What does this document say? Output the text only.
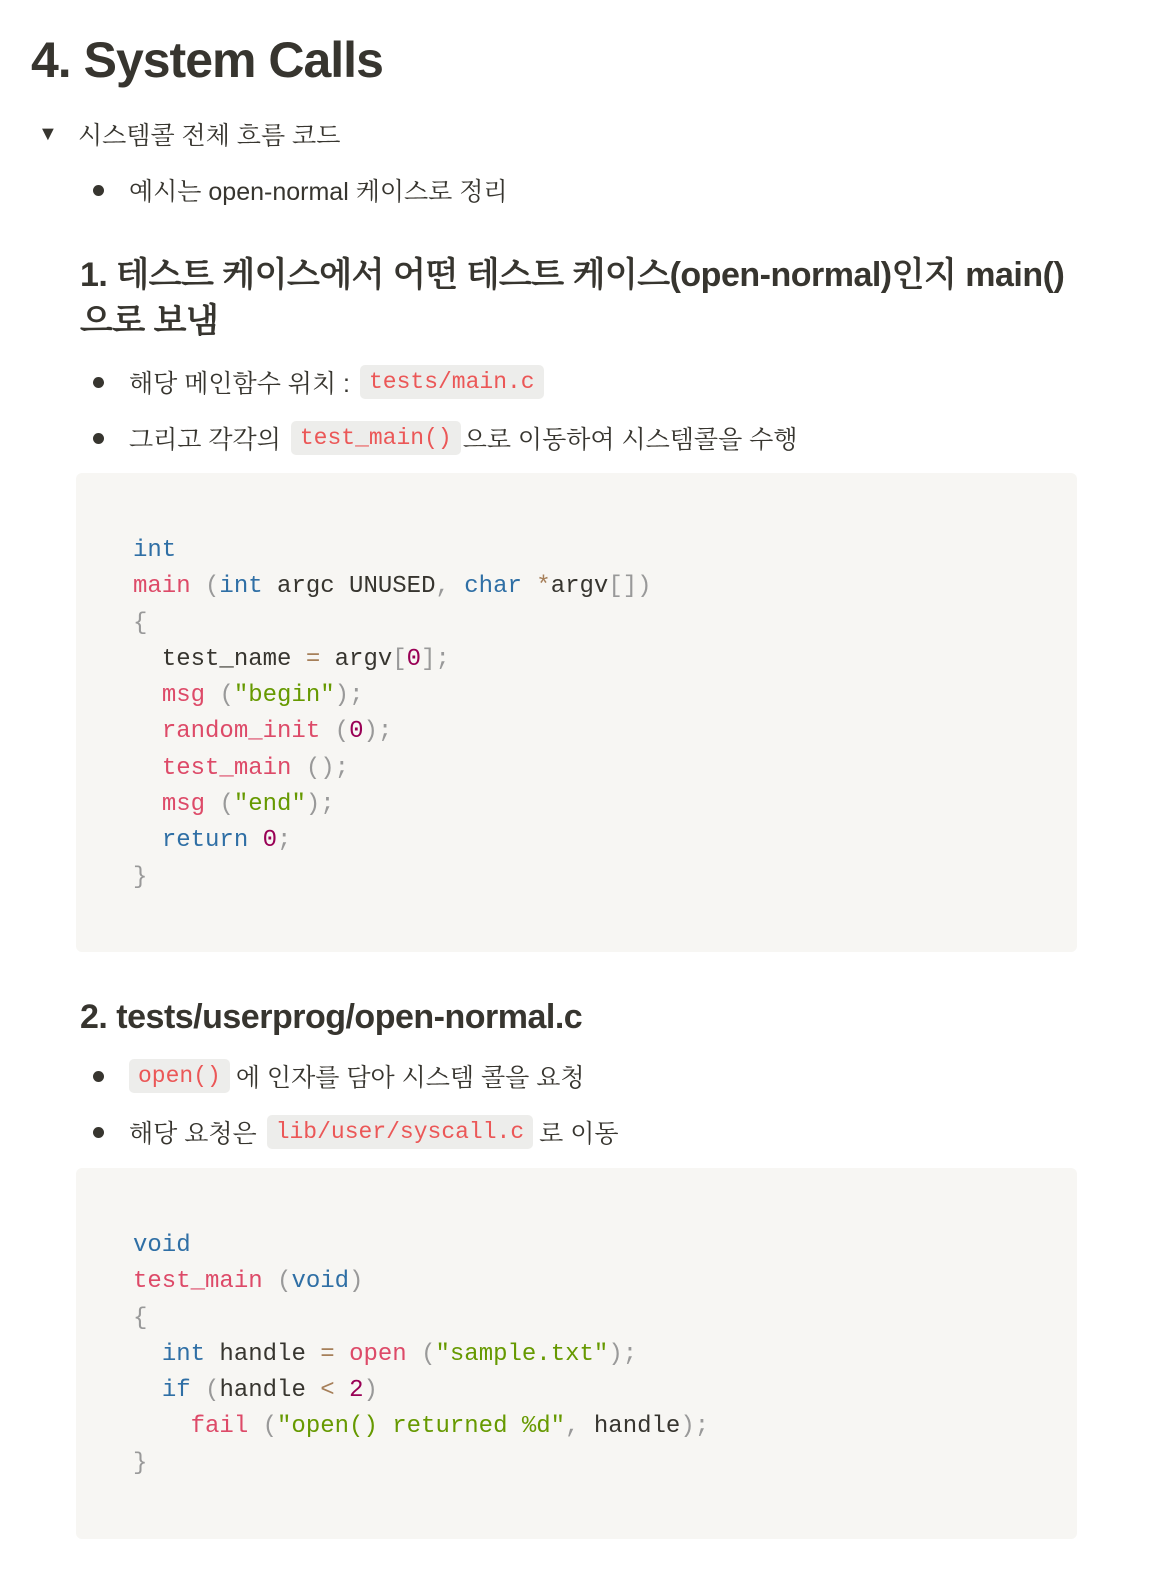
4. System Calls
▼ 시스템콜 전체 흐름 코드
예시는 open-normal 케이스로 정리
1. 테스트 케이스에서 어떤 테스트 케이스(open-normal)인지 main()
으로 보냄
해당 메인함수 위치 : tests/main.c
그리고 각각의 test_main() 으로 이동하여 시스템콜을 수행
int
main (int argc UNUSED, char *argv[])
{
test_name = argv[0];
msg ("begin");
random_init (0);
test_main ();
msg ("end");
return 0;
}
2. tests/userprog/open-normal.c
open() 에 인자를 담아 시스템 콜을 요청
해당 요청은 lib/user/syscall.c 로 이동
void
test_main (void)
{
int handle = open ("sample.txt");
if (handle < 2)
fail ("open() returned %d", handle);
}
